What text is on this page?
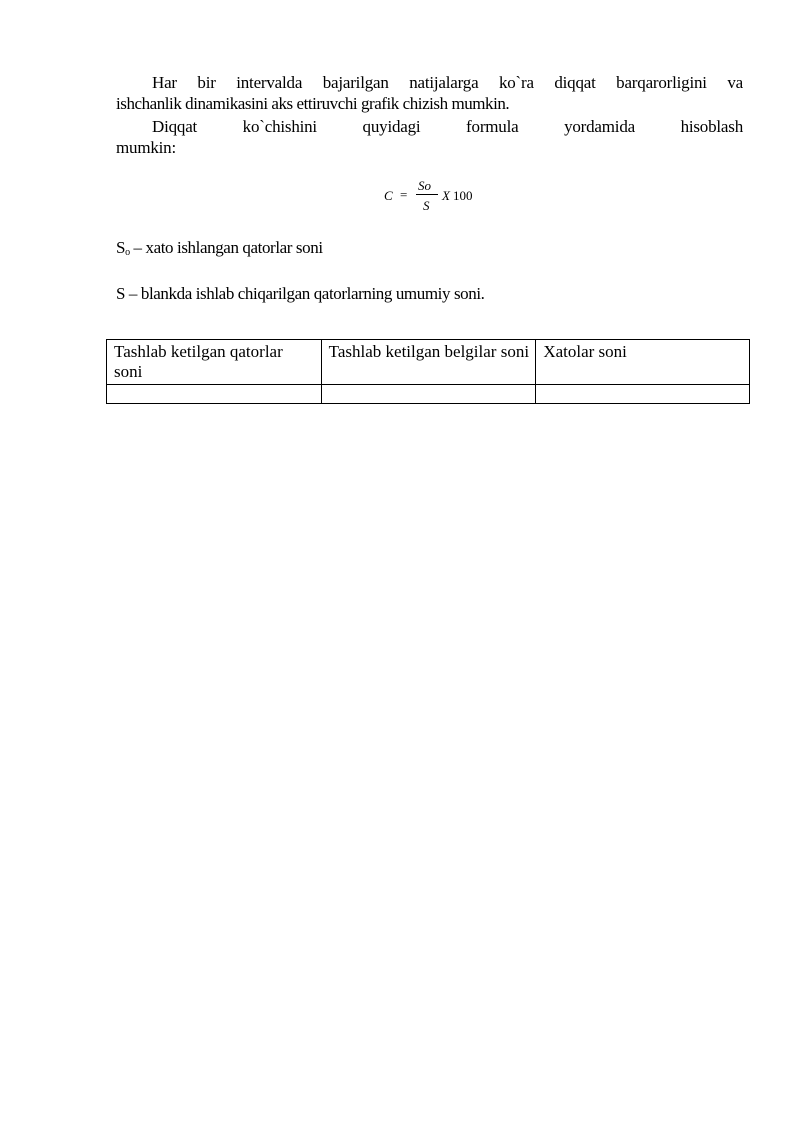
Har bir intervalda bajarilgan natijalarga ko`ra diqqat barqarorligini va
ishchanlik dinamikasini aks ettiruvchi grafik chizish mumkin.
Diqqat ko`chishini quyidagi formula yordamida hisoblash
mumkin:
C =
So
S
X 100
$S_o$ – xato ishlangan qatorlar soni
S – blankda ishlab chiqarilgan qatorlarning umumiy soni.
Tashlab ketilgan qatorlar soni	Tashlab ketilgan belgilar soni	Xatolar soni
